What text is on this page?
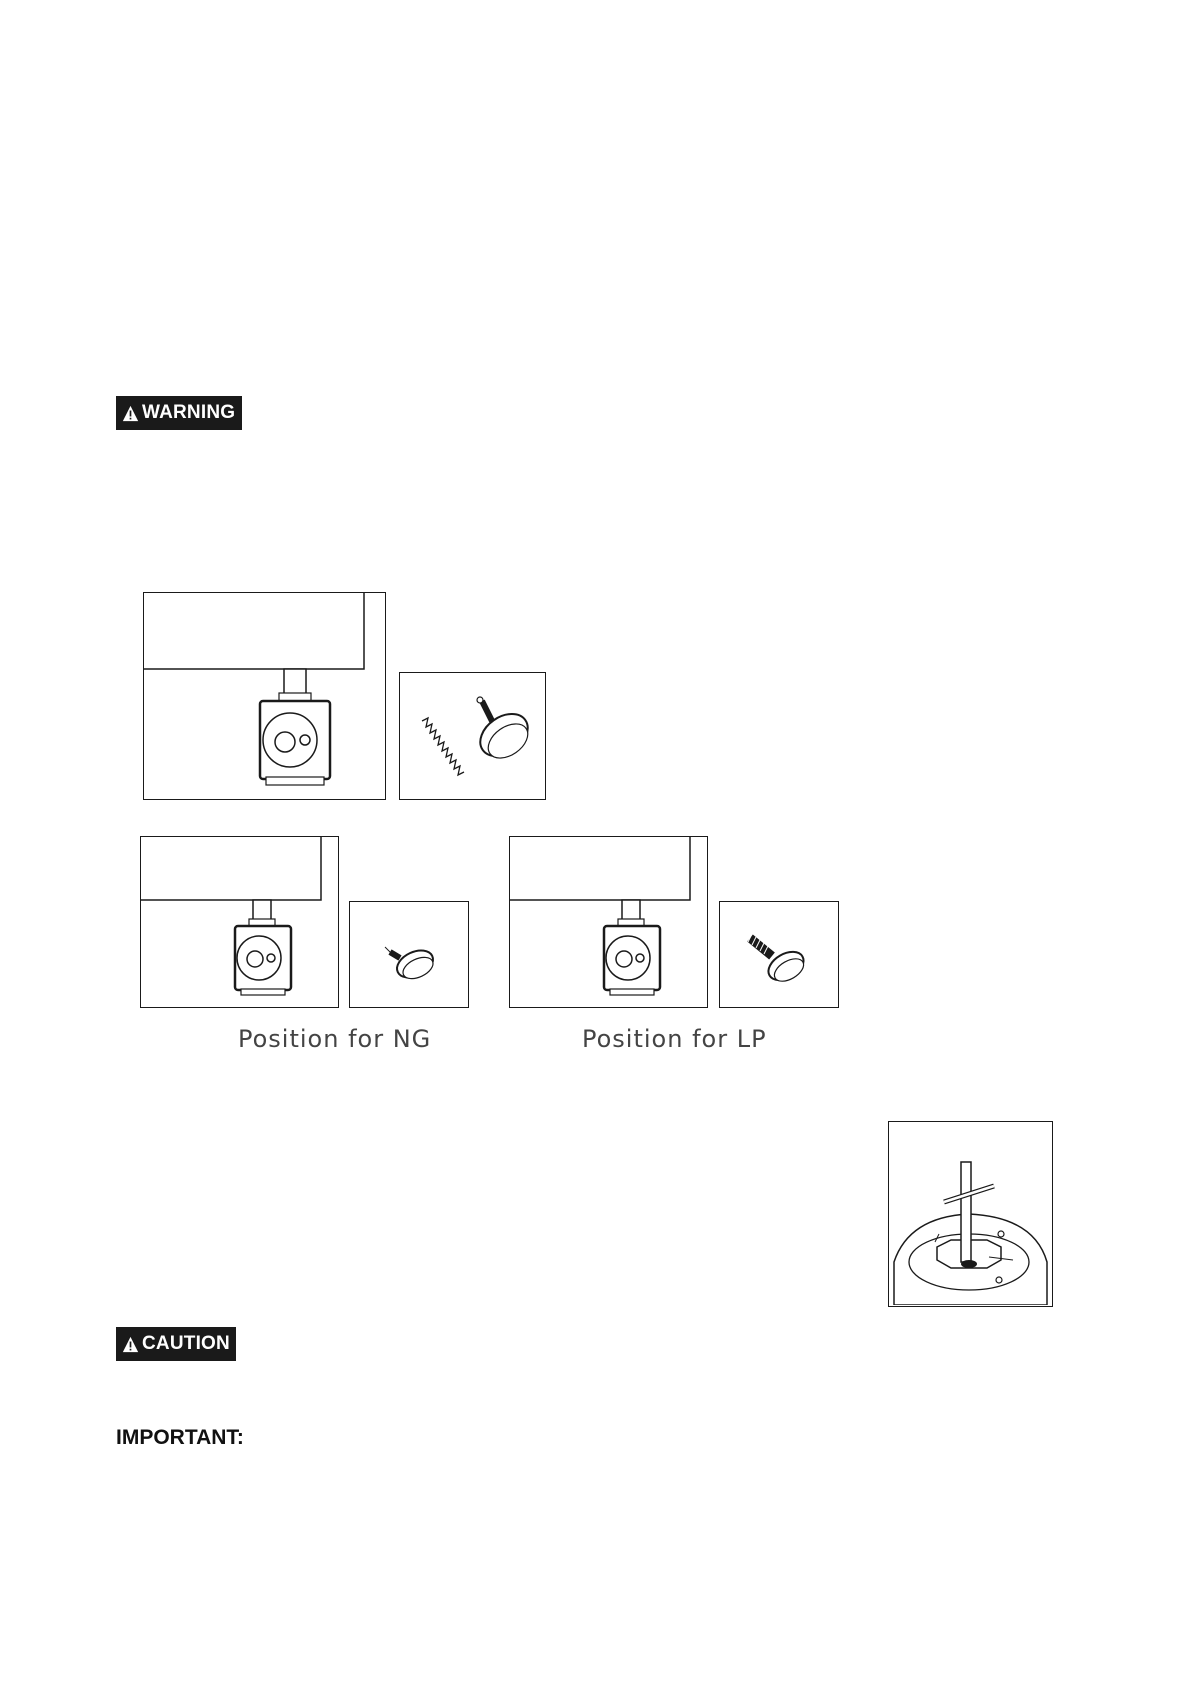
WARNING
Position for NG	Position for LP
CAUTION
IMPORTANT:
